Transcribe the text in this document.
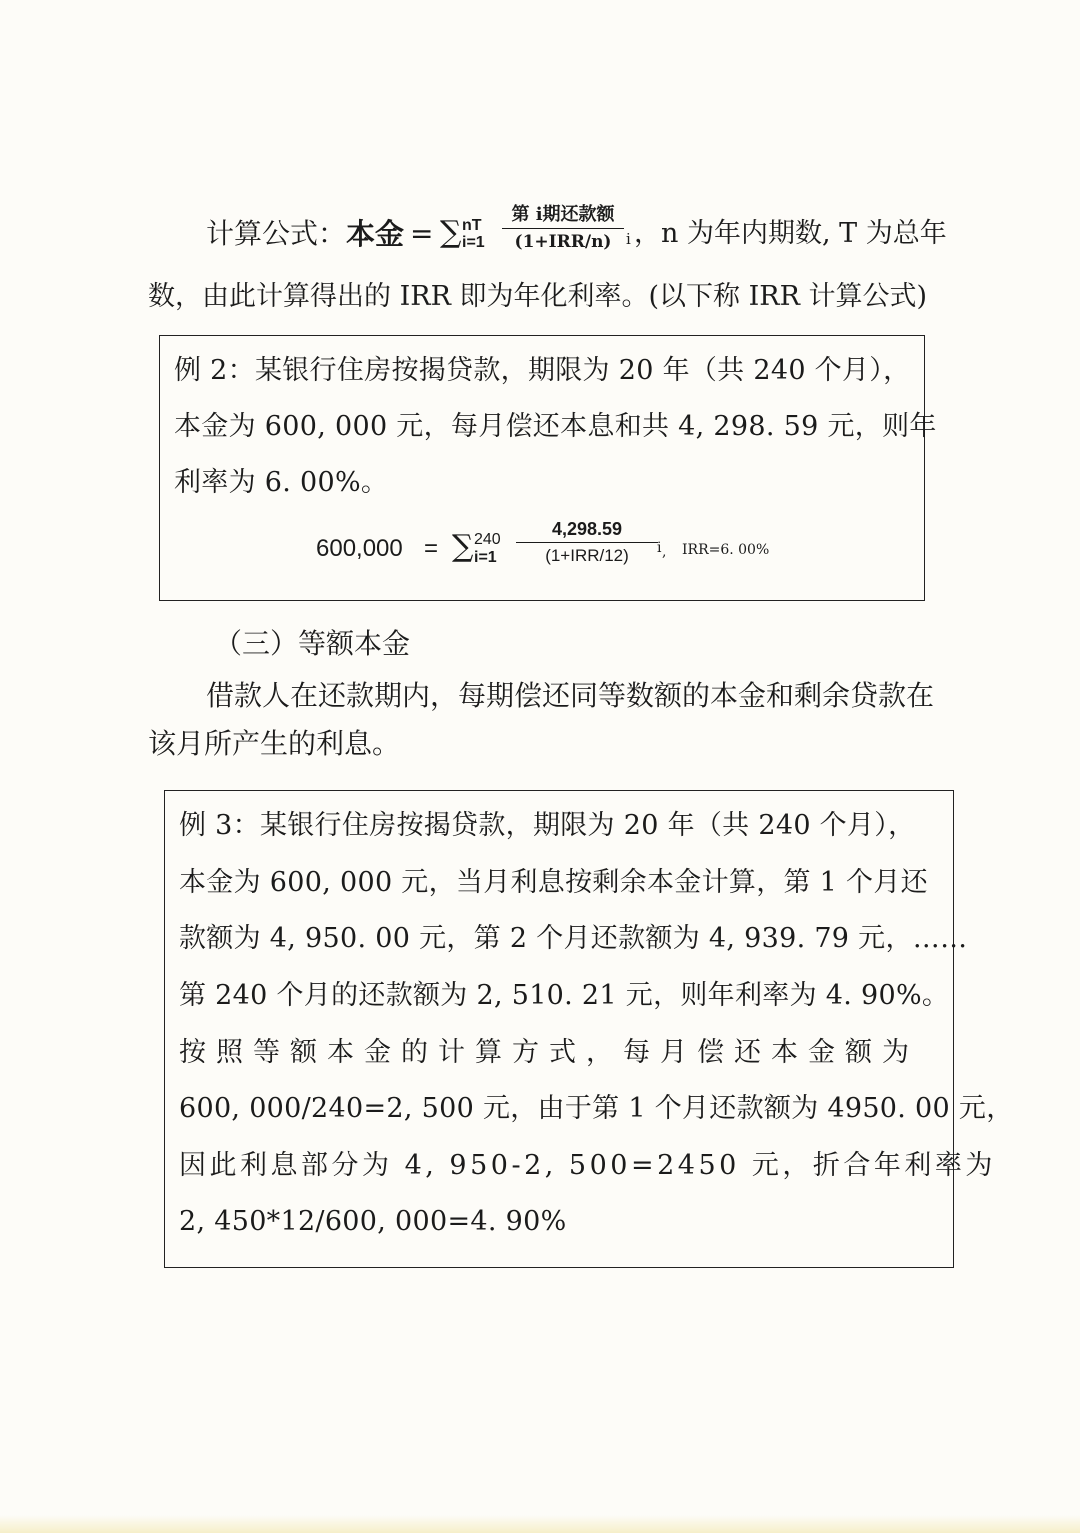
计算公式： 本金 = ∑ nT
i=1
第 i期还款额
(1+IRR/n) i ，n 为年内期数, T 为总年
数，由此计算得出的 IRR 即为年化利率。(以下称 IRR 计算公式)
例 2：某银行住房按揭贷款，期限为 20 年（共 240 个月），
本金为 600, 000 元，每月偿还本息和共 4, 298. 59 元，则年
利率为 6. 00%。
600,000 = ∑ 240
i=1
4,298.59
(1+IRR/12) i , IRR=6. 00%
（三）等额本金
借款人在还款期内，每期偿还同等数额的本金和剩余贷款在
该月所产生的利息。
例 3：某银行住房按揭贷款，期限为 20 年（共 240 个月），
本金为 600, 000 元，当月利息按剩余本金计算，第 1 个月还
款额为 4, 950. 00 元，第 2 个月还款额为 4, 939. 79 元，……
第 240 个月的还款额为 2, 510. 21 元，则年利率为 4. 90%。
按照等额本金的计算方式，每月偿还本金额为
600, 000/240=2, 500 元，由于第 1 个月还款额为 4950. 00 元，
因此利息部分为 4, 950-2, 500=2450 元，折合年利率为
2, 450*12/600, 000=4. 90%
